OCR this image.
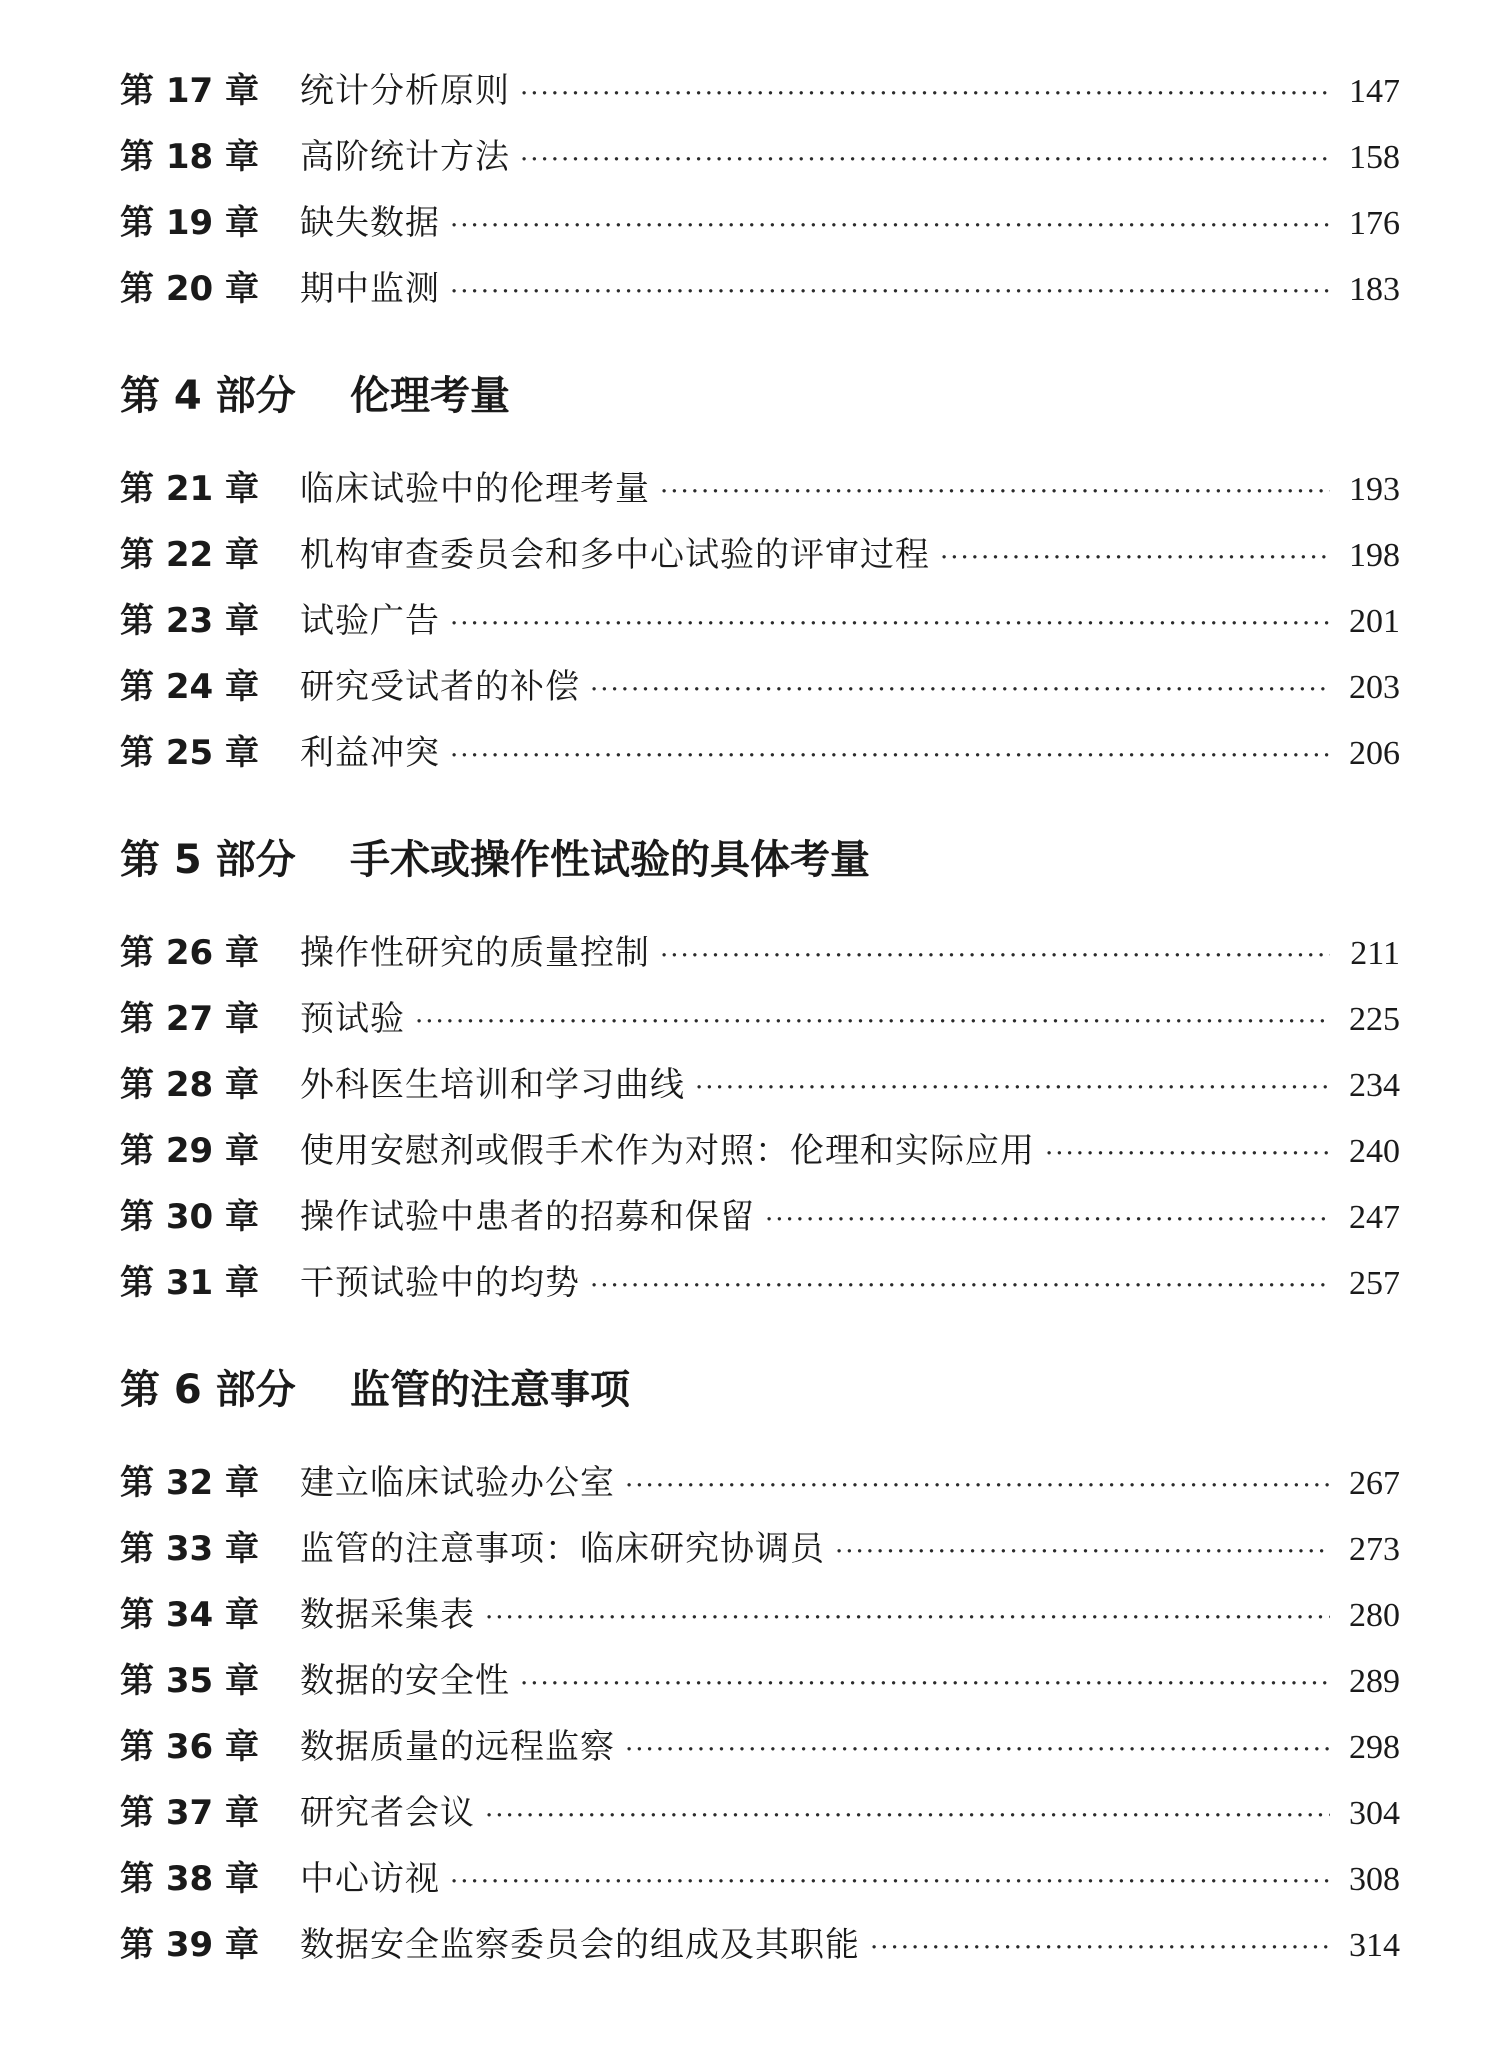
第 17 章	统计分析原则 ·····	147
第 18 章	高阶统计方法 ·····	158
第 19 章	缺失数据 ·····	176
第 20 章	期中监测 ·····	183
第 4 部分 伦理考量
第 21 章	临床试验中的伦理考量 ·····	193
第 22 章	机构审查委员会和多中心试验的评审过程 ·····	198
第 23 章	试验广告 ·····	201
第 24 章	研究受试者的补偿 ·····	203
第 25 章	利益冲突 ·····	206
第 5 部分 手术或操作性试验的具体考量
第 26 章	操作性研究的质量控制 ·····	211
第 27 章	预试验 ·····	225
第 28 章	外科医生培训和学习曲线 ·····	234
第 29 章	使用安慰剂或假手术作为对照：伦理和实际应用 ·····	240
第 30 章	操作试验中患者的招募和保留 ·····	247
第 31 章	干预试验中的均势 ·····	257
第 6 部分 监管的注意事项
第 32 章	建立临床试验办公室 ·····	267
第 33 章	监管的注意事项：临床研究协调员 ·····	273
第 34 章	数据采集表 ·····	280
第 35 章	数据的安全性 ·····	289
第 36 章	数据质量的远程监察 ·····	298
第 37 章	研究者会议 ·····	304
第 38 章	中心访视 ·····	308
第 39 章	数据安全监察委员会的组成及其职能 ·····	314
